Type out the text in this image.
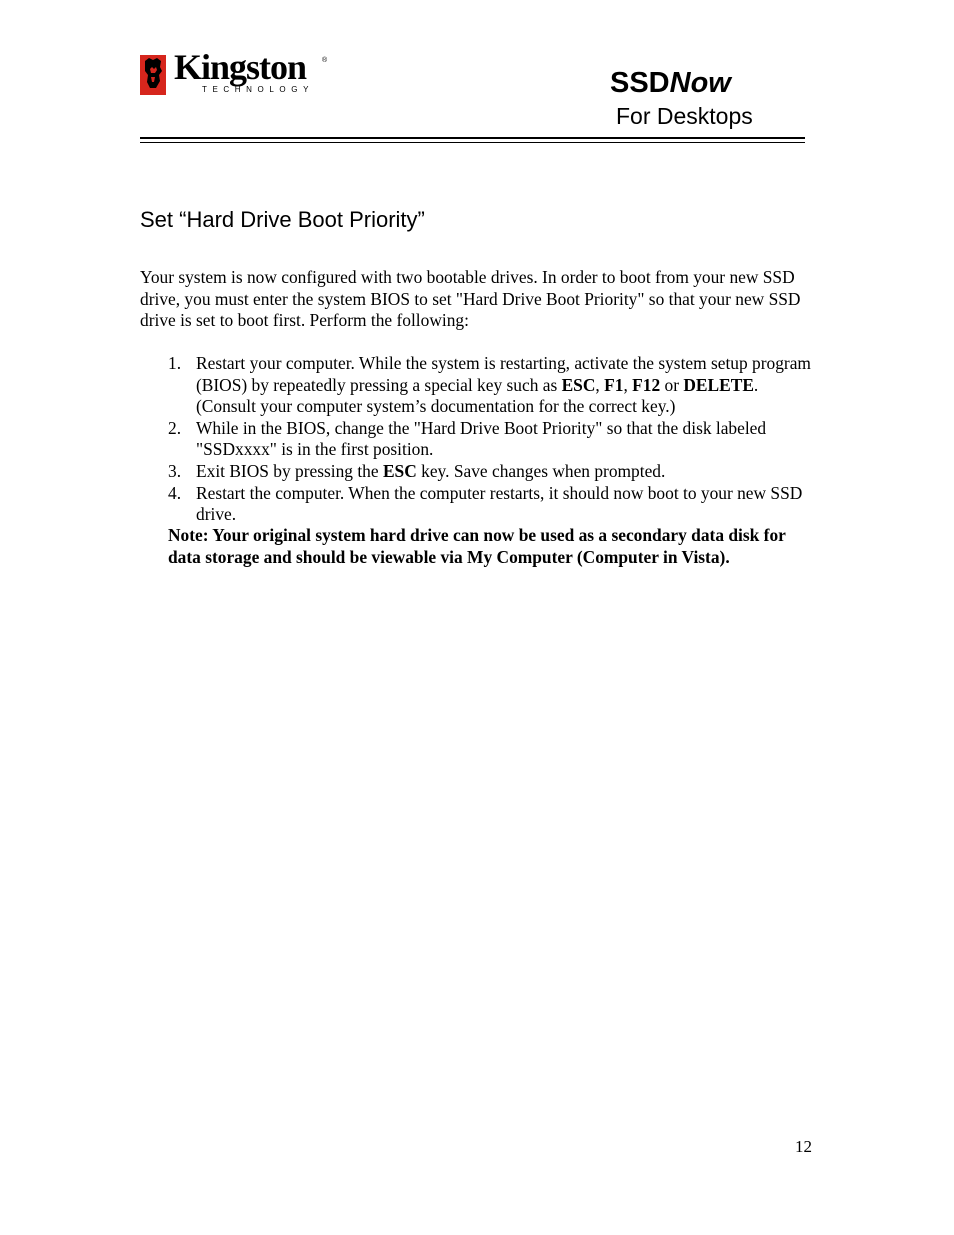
Kingston ®
TECHNOLOGY	SSDNow
For Desktops
Set “Hard Drive Boot Priority”

Your system is now configured with two bootable drives. In order to boot from your new SSD drive, you must enter the system BIOS to set "Hard Drive Boot Priority" so that your new SSD drive is set to boot first. Perform the following:

1. Restart your computer. While the system is restarting, activate the system setup program (BIOS) by repeatedly pressing a special key such as ESC, F1, F12 or DELETE. (Consult your computer system’s documentation for the correct key.)
2. While in the BIOS, change the "Hard Drive Boot Priority" so that the disk labeled "SSDxxxx" is in the first position.
3. Exit BIOS by pressing the ESC key. Save changes when prompted.
4. Restart the computer. When the computer restarts, it should now boot to your new SSD drive.

Note: Your original system hard drive can now be used as a secondary data disk for data storage and should be viewable via My Computer (Computer in Vista).

12
